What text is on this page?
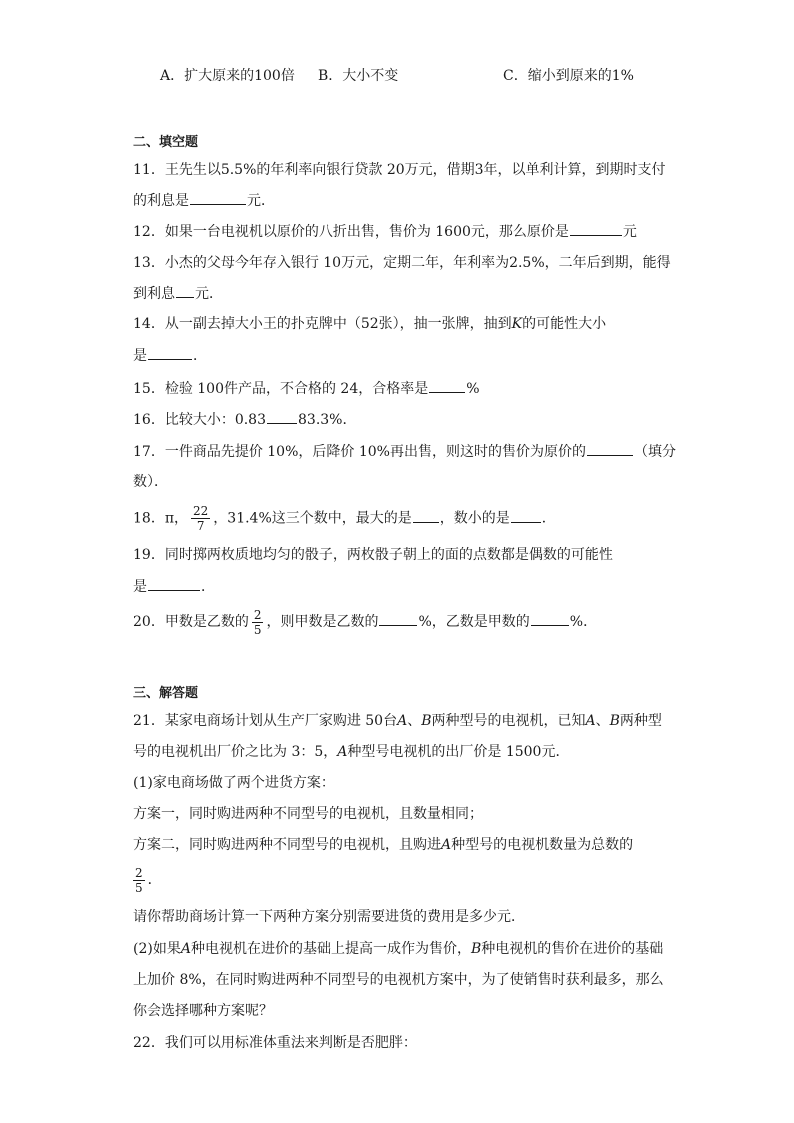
A．扩大原来的100倍 B．大小不变	C．缩小到原来的1%
二、填空题
11．王先生以5.5%的年利率向银行贷款 20万元，借期3年，以单利计算，到期时支付
的利息是	元．
12．如果一台电视机以原价的八折出售，售价为 1600元，那么原价是	元
13．小杰的父母今年存入银行 10万元，定期二年，年利率为2.5%，二年后到期，能得
到利息 元．
14．从一副去掉大小王的扑克牌中（52张），抽一张牌，抽到K的可能性大小
是	．
15．检验 100件产品，不合格的 24，合格率是	%
16．比较大小：0.83 83.3%．
17．一件商品先提价 10%，后降价 10%再出售，则这时的售价为原价的	（填分
数）．
18．π， $\frac{22}{7}$ ，31.4%这三个数中，最大的是 ，数小的是 ．
19．同时掷两枚质地均匀的骰子，两枚骰子朝上的面的点数都是偶数的可能性
是	．
20．甲数是乙数的 $\frac{2}{5}$ ，则甲数是乙数的	%，乙数是甲数的	%．
三、解答题
21．某家电商场计划从生产厂家购进 50台A、B两种型号的电视机，已知A、B两种型
号的电视机出厂价之比为 3：5，A种型号电视机的出厂价是 1500元．
(1)家电商场做了两个进货方案：
方案一，同时购进两种不同型号的电视机，且数量相同；
方案二，同时购进两种不同型号的电视机，且购进A种型号的电视机数量为总数的
$\frac{2}{5}$ ．
请你帮助商场计算一下两种方案分别需要进货的费用是多少元．
(2)如果A种电视机在进价的基础上提高一成作为售价，B种电视机的售价在进价的基础
上加价 8%，在同时购进两种不同型号的电视机方案中，为了使销售时获利最多，那么
你会选择哪种方案呢？
22．我们可以用标准体重法来判断是否肥胖：
